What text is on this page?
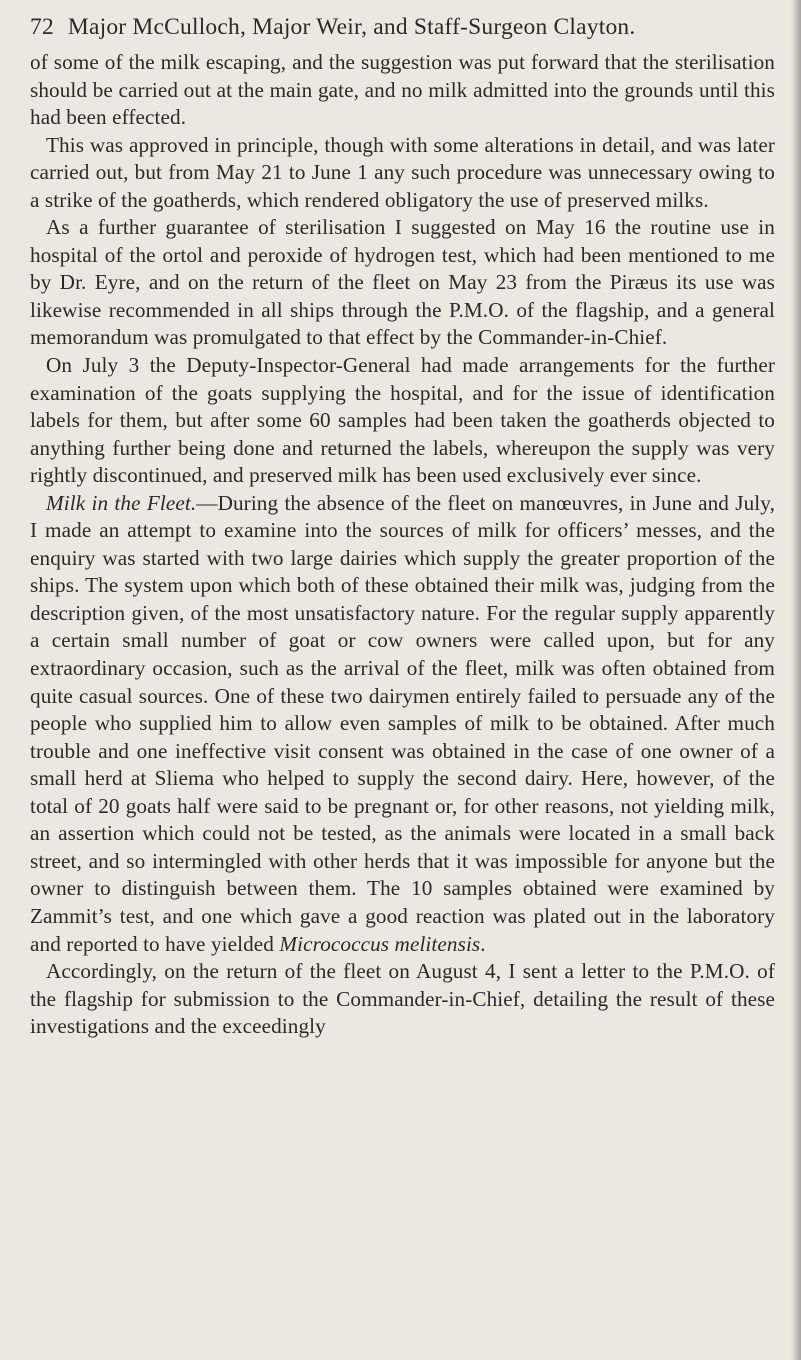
72 Major McCulloch, Major Weir, and Staff-Surgeon Clayton.

of some of the milk escaping, and the suggestion was put forward that the sterilisation should be carried out at the main gate, and no milk admitted into the grounds until this had been effected.

This was approved in principle, though with some alterations in detail, and was later carried out, but from May 21 to June 1 any such procedure was unnecessary owing to a strike of the goatherds, which rendered obligatory the use of preserved milks.

As a further guarantee of sterilisation I suggested on May 16 the routine use in hospital of the ortol and peroxide of hydrogen test, which had been mentioned to me by Dr. Eyre, and on the return of the fleet on May 23 from the Piræus its use was likewise recommended in all ships through the P.M.O. of the flagship, and a general memorandum was promulgated to that effect by the Commander-in-Chief.

On July 3 the Deputy-Inspector-General had made arrangements for the further examination of the goats supplying the hospital, and for the issue of identification labels for them, but after some 60 samples had been taken the goatherds objected to anything further being done and returned the labels, whereupon the supply was very rightly discontinued, and preserved milk has been used exclusively ever since.

Milk in the Fleet.—During the absence of the fleet on manœuvres, in June and July, I made an attempt to examine into the sources of milk for officers’ messes, and the enquiry was started with two large dairies which supply the greater proportion of the ships. The system upon which both of these obtained their milk was, judging from the description given, of the most unsatisfactory nature. For the regular supply apparently a certain small number of goat or cow owners were called upon, but for any extraordinary occasion, such as the arrival of the fleet, milk was often obtained from quite casual sources. One of these two dairymen entirely failed to persuade any of the people who supplied him to allow even samples of milk to be obtained. After much trouble and one ineffective visit consent was obtained in the case of one owner of a small herd at Sliema who helped to supply the second dairy. Here, however, of the total of 20 goats half were said to be pregnant or, for other reasons, not yielding milk, an assertion which could not be tested, as the animals were located in a small back street, and so intermingled with other herds that it was impossible for anyone but the owner to distinguish between them. The 10 samples obtained were examined by Zammit’s test, and one which gave a good reaction was plated out in the laboratory and reported to have yielded Micrococcus melitensis.

Accordingly, on the return of the fleet on August 4, I sent a letter to the P.M.O. of the flagship for submission to the Commander-in-Chief, detailing the result of these investigations and the exceedingly
